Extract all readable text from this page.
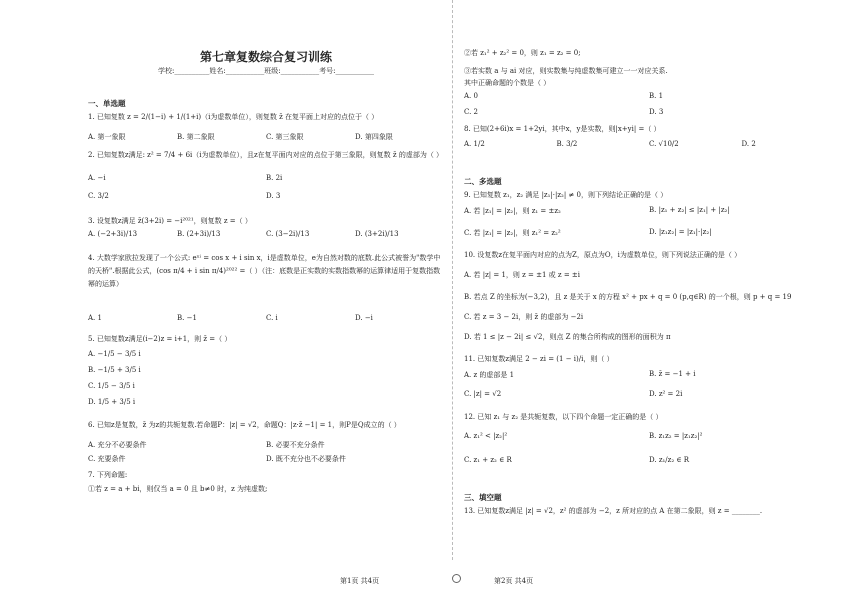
第七章复数综合复习训练
学校:__________姓名:___________班级:___________考号:___________
一、单选题
1. 已知复数 z = 2/(1−i) + 1/(1+i)（i为虚数单位），则复数 z̄ 在复平面上对应的点位于（ ）
A. 第一象限	B. 第二象限	C. 第三象限	D. 第四象限
2. 已知复数z满足: z² = 7/4 + 6i（i为虚数单位），且z在复平面内对应的点位于第三象限，则复数 z̄ 的虚部为（ ）
A. −i	B. 2i
C. 3/2	D. 3
3. 设复数z满足 z̄(3+2i) = −i²⁰²¹，则复数 z =（ ）
A. (−2+3i)/13	B. (2+3i)/13	C. (3−2i)/13	D. (3+2i)/13
4. 大数学家欧拉发现了一个公式: eˣⁱ = cos x + i sin x，i是虚数单位，e为自然对数的底数.此公式被誉为"数学中的天桥".根据此公式，(cos π/4 + i sin π/4)²⁰²² =（ ）（注：底数是正实数的实数指数幂的运算律适用于复数指数幂的运算）
A. 1	B. −1	C. i	D. −i
5. 已知复数z满足(i−2)z = i+1，则 z̄ =（ ）
A. −1/5 − 3/5 i
B. −1/5 + 3/5 i
C. 1/5 − 3/5 i
D. 1/5 + 3/5 i
6. 已知z是复数，z̄ 为z的共轭复数.若命题P：|z| = √2，命题Q：|z·z̄ −1| = 1，则P是Q成立的（ ）
A. 充分不必要条件	B. 必要不充分条件
C. 充要条件	D. 既不充分也不必要条件
7. 下列命题:
①若 z = a + bi，则仅当 a = 0 且 b≠0 时，z 为纯虚数;
②若 z₁² + z₂² = 0，则 z₁ = z₂ = 0;
③若实数 a 与 ai 对应，则实数集与纯虚数集可建立一一对应关系.
其中正确命题的个数是（ ）
A. 0	B. 1
C. 2	D. 3
8. 已知(2+6i)x = 1+2yi，其中x，y是实数，则|x+yi| =（ ）
A. 1/2	B. 3/2	C. √10/2	D. 2
二、多选题
9. 已知复数 z₁，z₂ 满足 |z₁|·|z₂| ≠ 0，则下列结论正确的是（ ）
A. 若 |z₁| = |z₂|，则 z₁ = ±z₂	B. |z₁ + z₂| ≤ |z₁| + |z₂|
C. 若 |z₁| = |z₂|，则 z₁² = z₂²	D. |z₁z₂| = |z₁|·|z₂|
10. 设复数z在复平面内对应的点为Z，原点为O，i为虚数单位，则下列说法正确的是（ ）
A. 若 |z| = 1，则 z = ±1 或 z = ±i
B. 若点 Z 的坐标为(−3,2)，且 z 是关于 x 的方程 x² + px + q = 0 (p,q∈R) 的一个根，则 p + q = 19
C. 若 z = 3 − 2i，则 z̄ 的虚部为 −2i
D. 若 1 ≤ |z − 2i| ≤ √2，则点 Z 的集合所构成的图形的面积为 π
11. 已知复数z满足 2 − zi = (1 − i)/i，则（ ）
A. z 的虚部是 1	B. z̄ = −1 + i
C. |z| = √2	D. z² = 2i
12. 已知 z₁ 与 z₂ 是共轭复数，以下四个命题一定正确的是（ ）
A. z₁² < |z₂|²	B. z₁z₂ = |z₁z₂|²
C. z₁ + z₂ ∈ R	D. z₁/z₂ ∈ R
三、填空题
13. 已知复数z满足 |z| = √2，z² 的虚部为 −2，z 所对应的点 A 在第二象限，则 z = ________.
第1页 共4页	第2页 共4页
